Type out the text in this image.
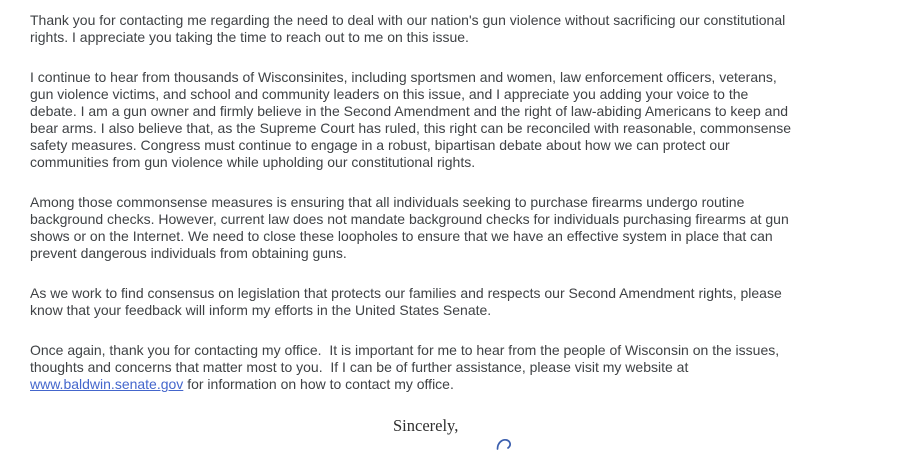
Thank you for contacting me regarding the need to deal with our nation's gun violence without sacrificing our constitutional
rights. I appreciate you taking the time to reach out to me on this issue.
I continue to hear from thousands of Wisconsinites, including sportsmen and women, law enforcement officers, veterans,
gun violence victims, and school and community leaders on this issue, and I appreciate you adding your voice to the
debate. I am a gun owner and firmly believe in the Second Amendment and the right of law-abiding Americans to keep and
bear arms. I also believe that, as the Supreme Court has ruled, this right can be reconciled with reasonable, commonsense
safety measures. Congress must continue to engage in a robust, bipartisan debate about how we can protect our
communities from gun violence while upholding our constitutional rights.
Among those commonsense measures is ensuring that all individuals seeking to purchase firearms undergo routine
background checks. However, current law does not mandate background checks for individuals purchasing firearms at gun
shows or on the Internet. We need to close these loopholes to ensure that we have an effective system in place that can
prevent dangerous individuals from obtaining guns.
As we work to find consensus on legislation that protects our families and respects our Second Amendment rights, please
know that your feedback will inform my efforts in the United States Senate.
Once again, thank you for contacting my office.  It is important for me to hear from the people of Wisconsin on the issues,
thoughts and concerns that matter most to you.  If I can be of further assistance, please visit my website at
www.baldwin.senate.gov for information on how to contact my office.

Sincerely,
